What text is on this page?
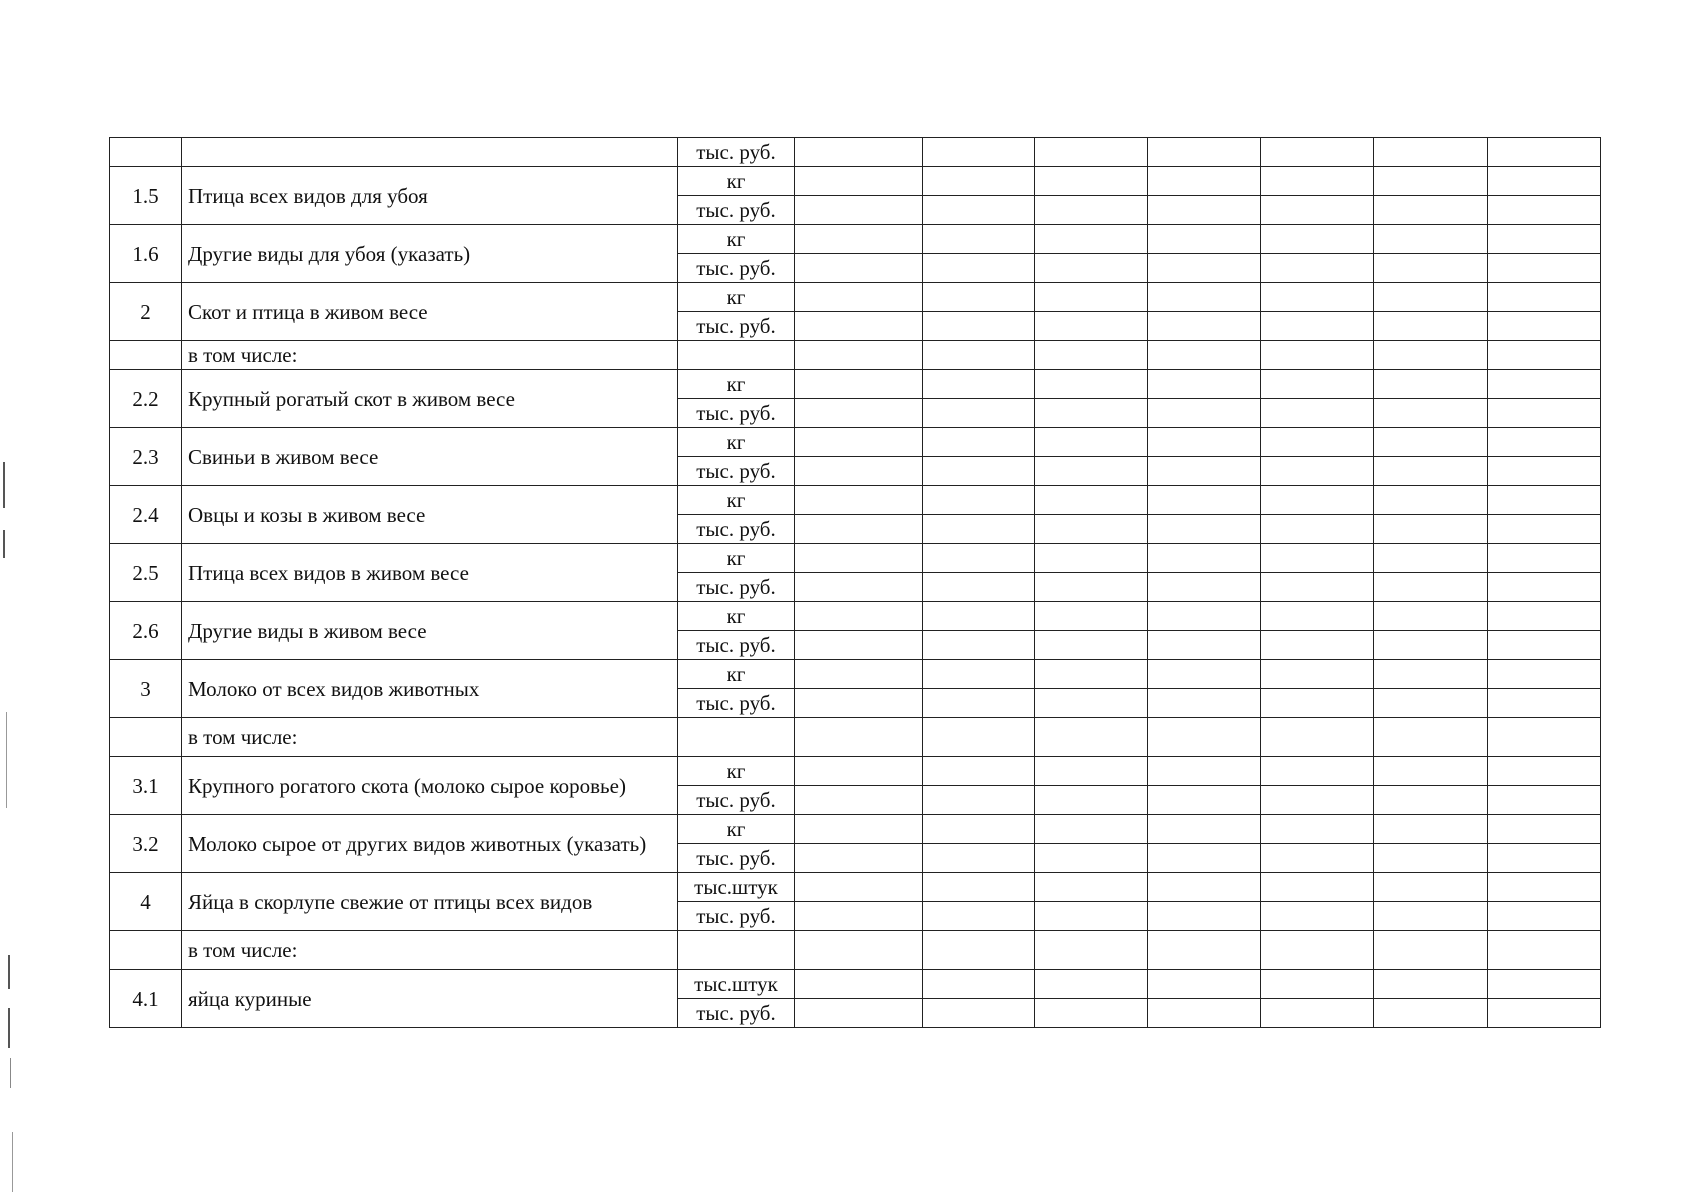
		тыс. руб.							
1.5	Птица всех видов для убоя	кг							
		тыс. руб.							
1.6	Другие виды для убоя (указать)	кг							
		тыс. руб.							
2	Скот и птица в живом весе	кг							
		тыс. руб.							
	в том числе:								
2.2	Крупный рогатый скот в живом весе	кг							
		тыс. руб.							
2.3	Свиньи в живом весе	кг							
		тыс. руб.							
2.4	Овцы и козы в живом весе	кг							
		тыс. руб.							
2.5	Птица всех видов в живом весе	кг							
		тыс. руб.							
2.6	Другие виды в живом весе	кг							
		тыс. руб.							
3	Молоко от всех видов животных	кг							
		тыс. руб.							
	в том числе:								
3.1	Крупного рогатого скота (молоко сырое коровье)	кг							
		тыс. руб.							
3.2	Молоко сырое от других видов животных (указать)	кг							
		тыс. руб.							
4	Яйца в скорлупе свежие от птицы всех видов	тыс.штук							
		тыс. руб.							
	в том числе:								
4.1	яйца куриные	тыс.штук							
		тыс. руб.							
